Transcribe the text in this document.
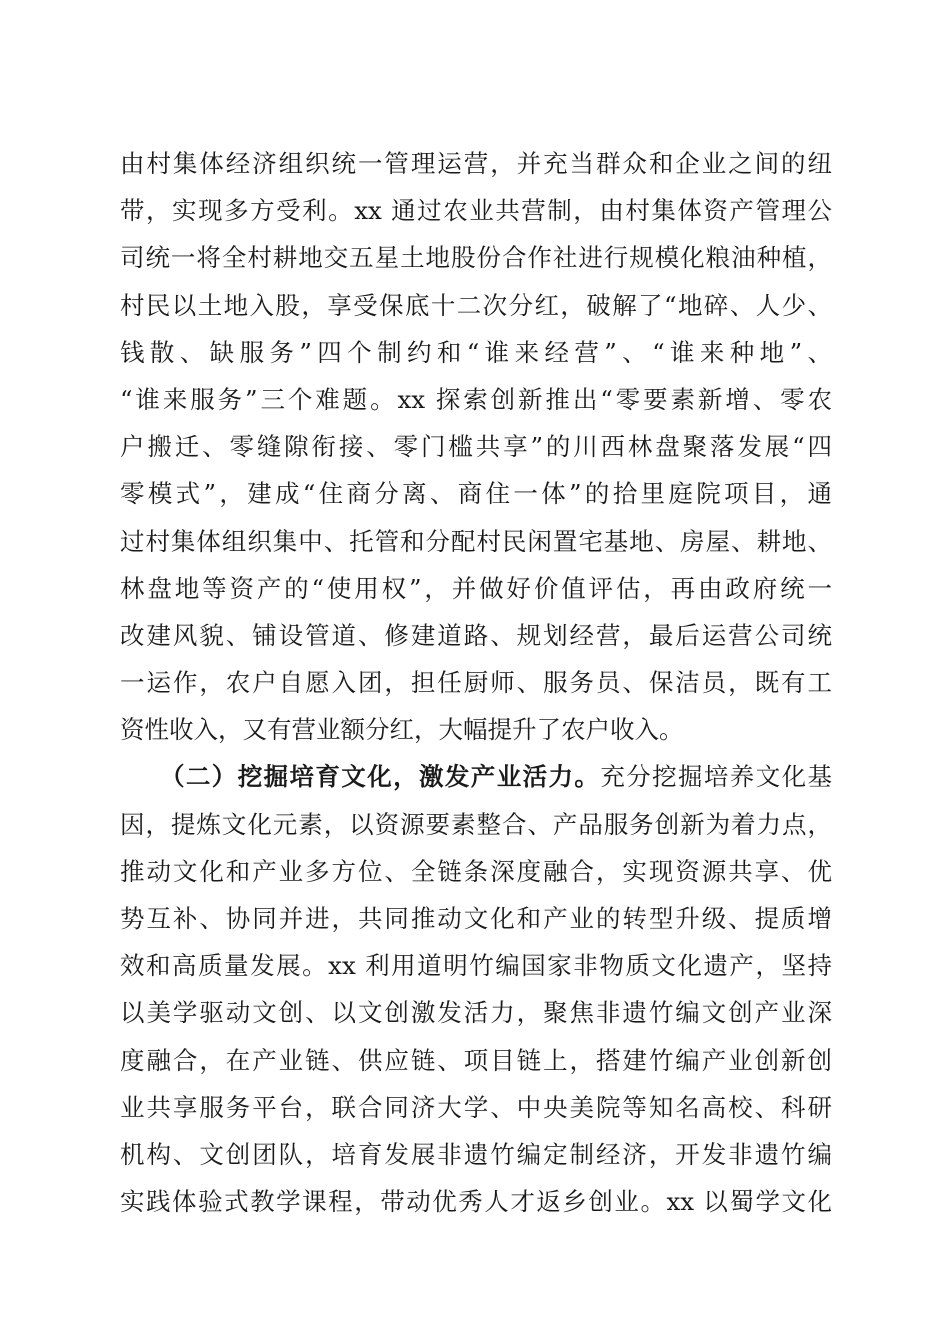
由村集体经济组织统一管理运营，并充当群众和企业之间的纽
带，实现多方受利。xx 通过农业共营制，由村集体资产管理公
司统一将全村耕地交五星土地股份合作社进行规模化粮油种植，
村民以土地入股，享受保底十二次分红，破解了“地碎、人少、
钱散、缺服务”四个制约和“谁来经营”、“谁来种地”、
“谁来服务”三个难题。xx 探索创新推出“零要素新增、零农
户搬迁、零缝隙衔接、零门槛共享”的川西林盘聚落发展“四
零模式”，建成“住商分离、商住一体”的拾里庭院项目，通
过村集体组织集中、托管和分配村民闲置宅基地、房屋、耕地、
林盘地等资产的“使用权”，并做好价值评估，再由政府统一
改建风貌、铺设管道、修建道路、规划经营，最后运营公司统
一运作，农户自愿入团，担任厨师、服务员、保洁员，既有工
资性收入，又有营业额分红，大幅提升了农户收入。
（二）挖掘培育文化，激发产业活力。充分挖掘培养文化基
因，提炼文化元素，以资源要素整合、产品服务创新为着力点，
推动文化和产业多方位、全链条深度融合，实现资源共享、优
势互补、协同并进，共同推动文化和产业的转型升级、提质增
效和高质量发展。xx 利用道明竹编国家非物质文化遗产，坚持
以美学驱动文创、以文创激发活力，聚焦非遗竹编文创产业深
度融合，在产业链、供应链、项目链上，搭建竹编产业创新创
业共享服务平台，联合同济大学、中央美院等知名高校、科研
机构、文创团队，培育发展非遗竹编定制经济，开发非遗竹编
实践体验式教学课程，带动优秀人才返乡创业。xx 以蜀学文化
